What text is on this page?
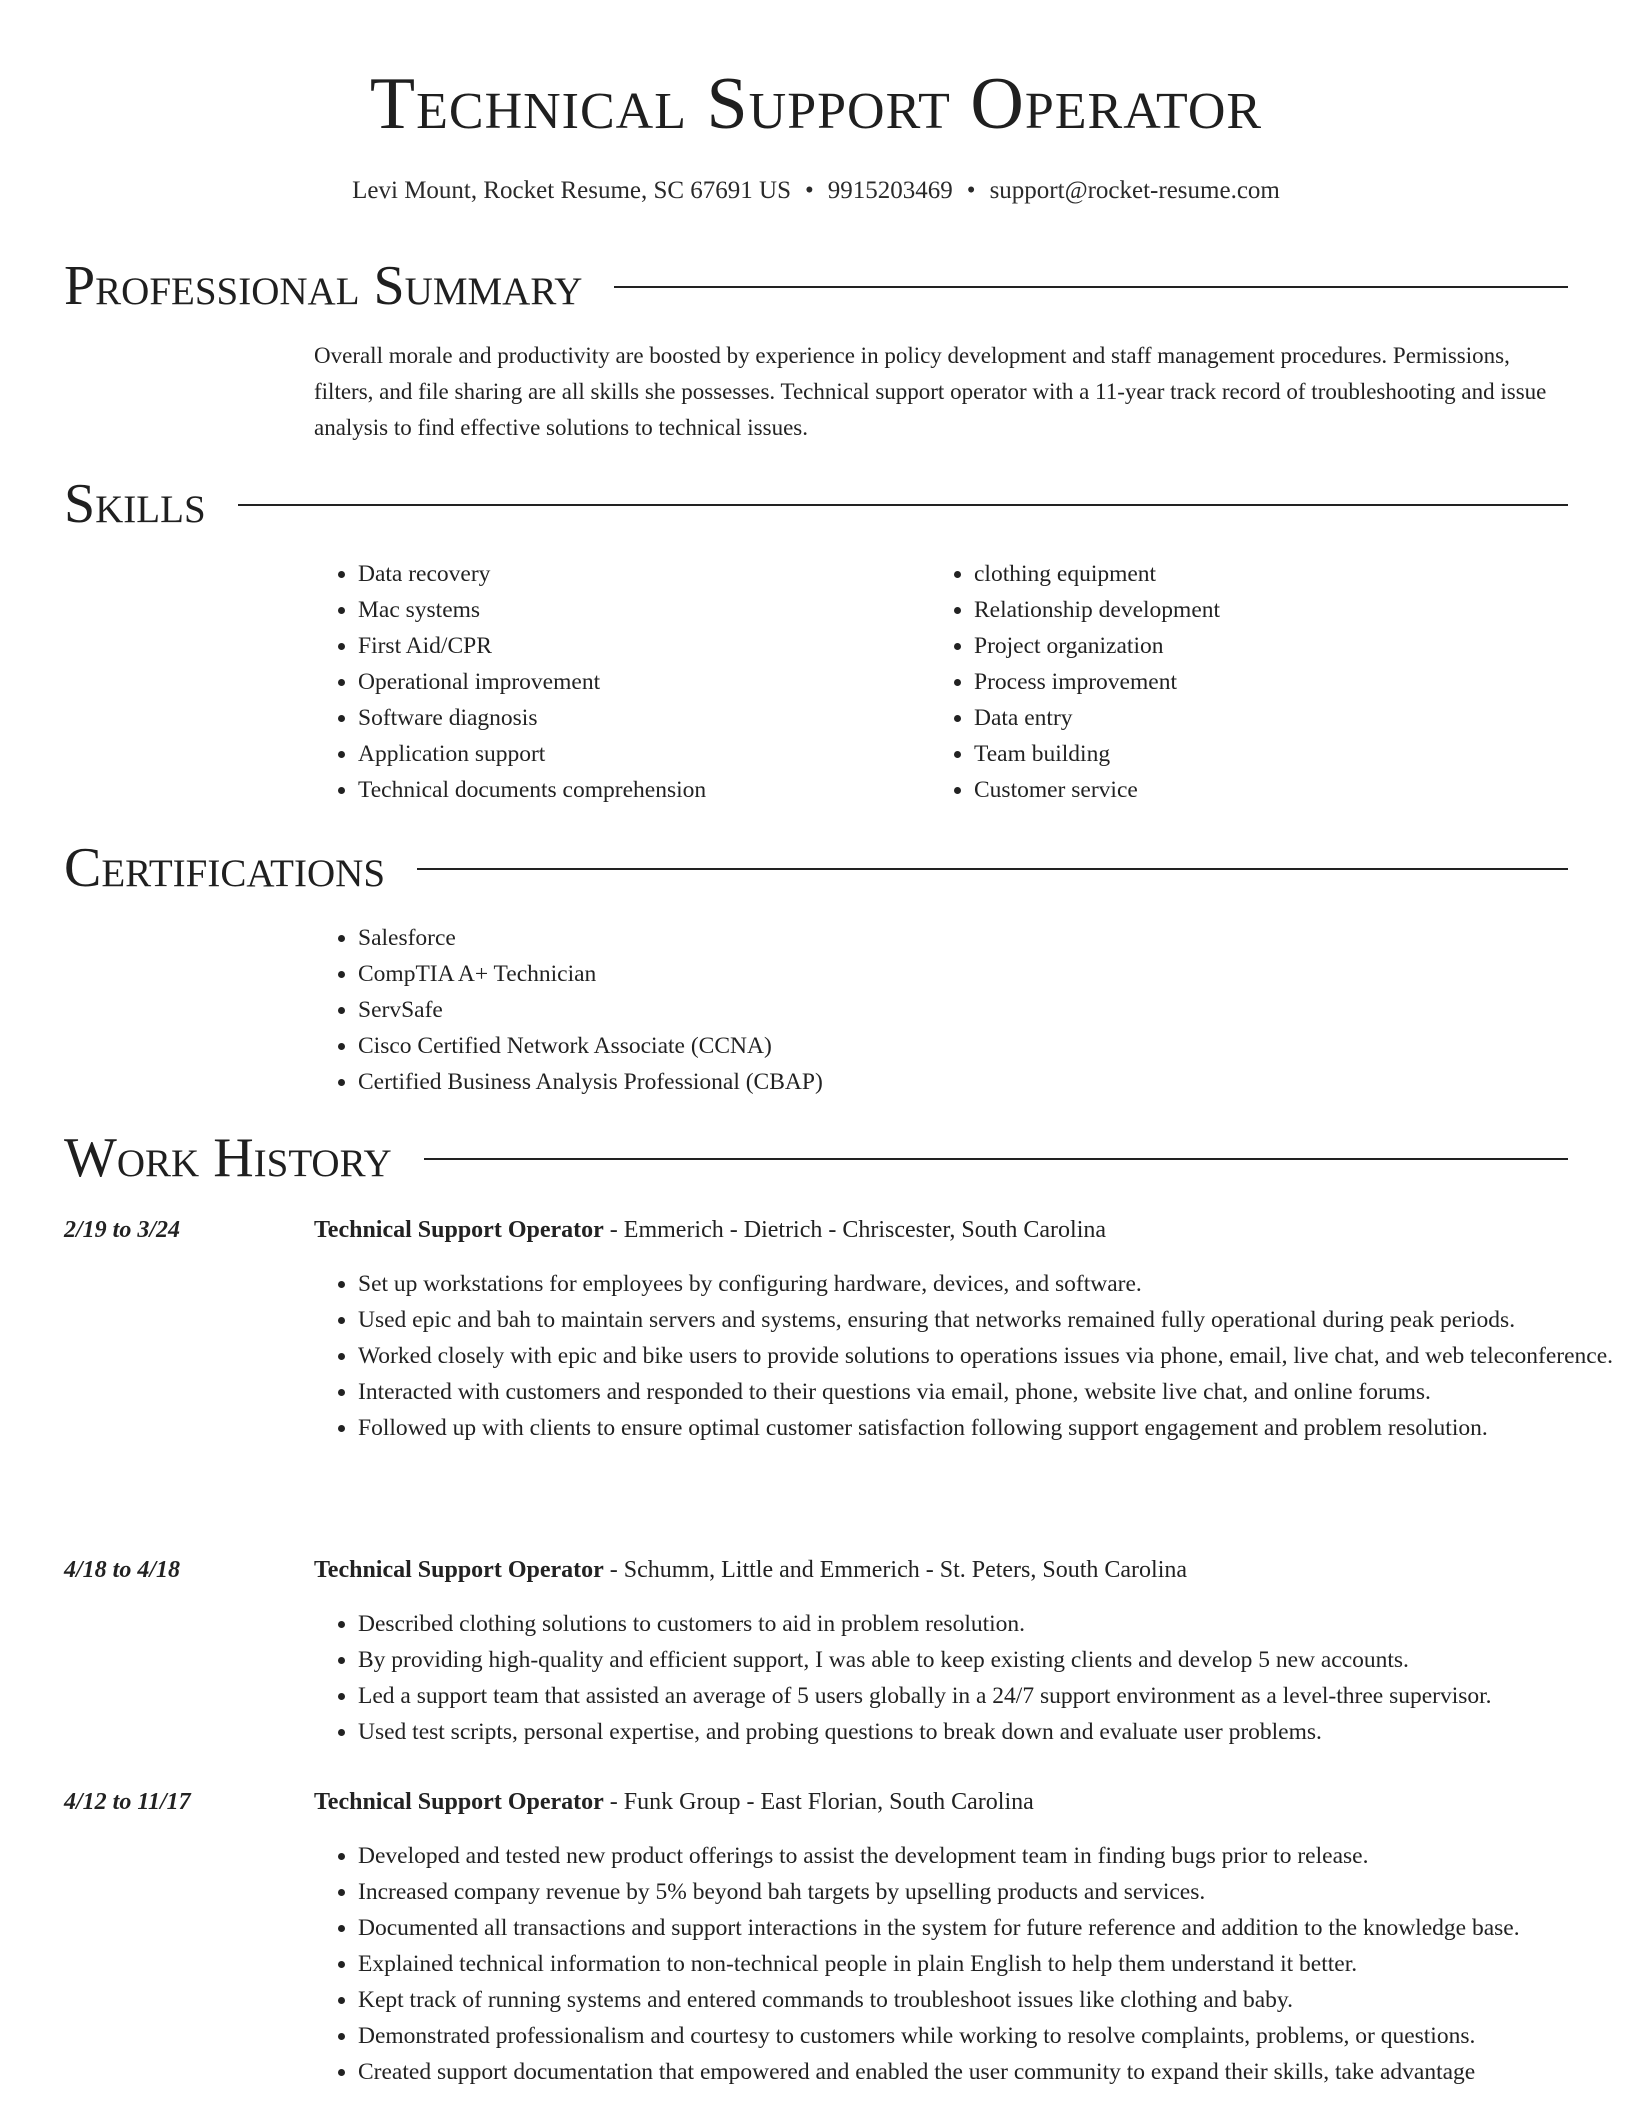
Technical Support Operator
Levi Mount, Rocket Resume, SC 67691 US • 9915203469 • support@rocket-resume.com
Professional Summary

Overall morale and productivity are boosted by experience in policy development and staff management procedures. Permissions, filters, and file sharing are all skills she possesses. Technical support operator with a 11-year track record of troubleshooting and issue analysis to find effective solutions to technical issues.

Skills
• Data recovery
• Mac systems
• First Aid/CPR
• Operational improvement
• Software diagnosis
• Application support
• Technical documents comprehension
• clothing equipment
• Relationship development
• Project organization
• Process improvement
• Data entry
• Team building
• Customer service
Certifications
• Salesforce
• CompTIA A+ Technician
• ServSafe
• Cisco Certified Network Associate (CCNA)
• Certified Business Analysis Professional (CBAP)
Work History
2/19 to 3/24	Technical Support Operator - Emmerich - Dietrich - Chriscester, South Carolina
• Set up workstations for employees by configuring hardware, devices, and software.
• Used epic and bah to maintain servers and systems, ensuring that networks remained fully operational during peak periods.
• Worked closely with epic and bike users to provide solutions to operations issues via phone, email, live chat, and web teleconference.
• Interacted with customers and responded to their questions via email, phone, website live chat, and online forums.
• Followed up with clients to ensure optimal customer satisfaction following support engagement and problem resolution.
4/18 to 4/18	Technical Support Operator - Schumm, Little and Emmerich - St. Peters, South Carolina
• Described clothing solutions to customers to aid in problem resolution.
• By providing high-quality and efficient support, I was able to keep existing clients and develop 5 new accounts.
• Led a support team that assisted an average of 5 users globally in a 24/7 support environment as a level-three supervisor.
• Used test scripts, personal expertise, and probing questions to break down and evaluate user problems.
4/12 to 11/17	Technical Support Operator - Funk Group - East Florian, South Carolina
• Developed and tested new product offerings to assist the development team in finding bugs prior to release.
• Increased company revenue by 5% beyond bah targets by upselling products and services.
• Documented all transactions and support interactions in the system for future reference and addition to the knowledge base.
• Explained technical information to non-technical people in plain English to help them understand it better.
• Kept track of running systems and entered commands to troubleshoot issues like clothing and baby.
• Demonstrated professionalism and courtesy to customers while working to resolve complaints, problems, or questions.
• Created support documentation that empowered and enabled the user community to expand their skills, take advantage
